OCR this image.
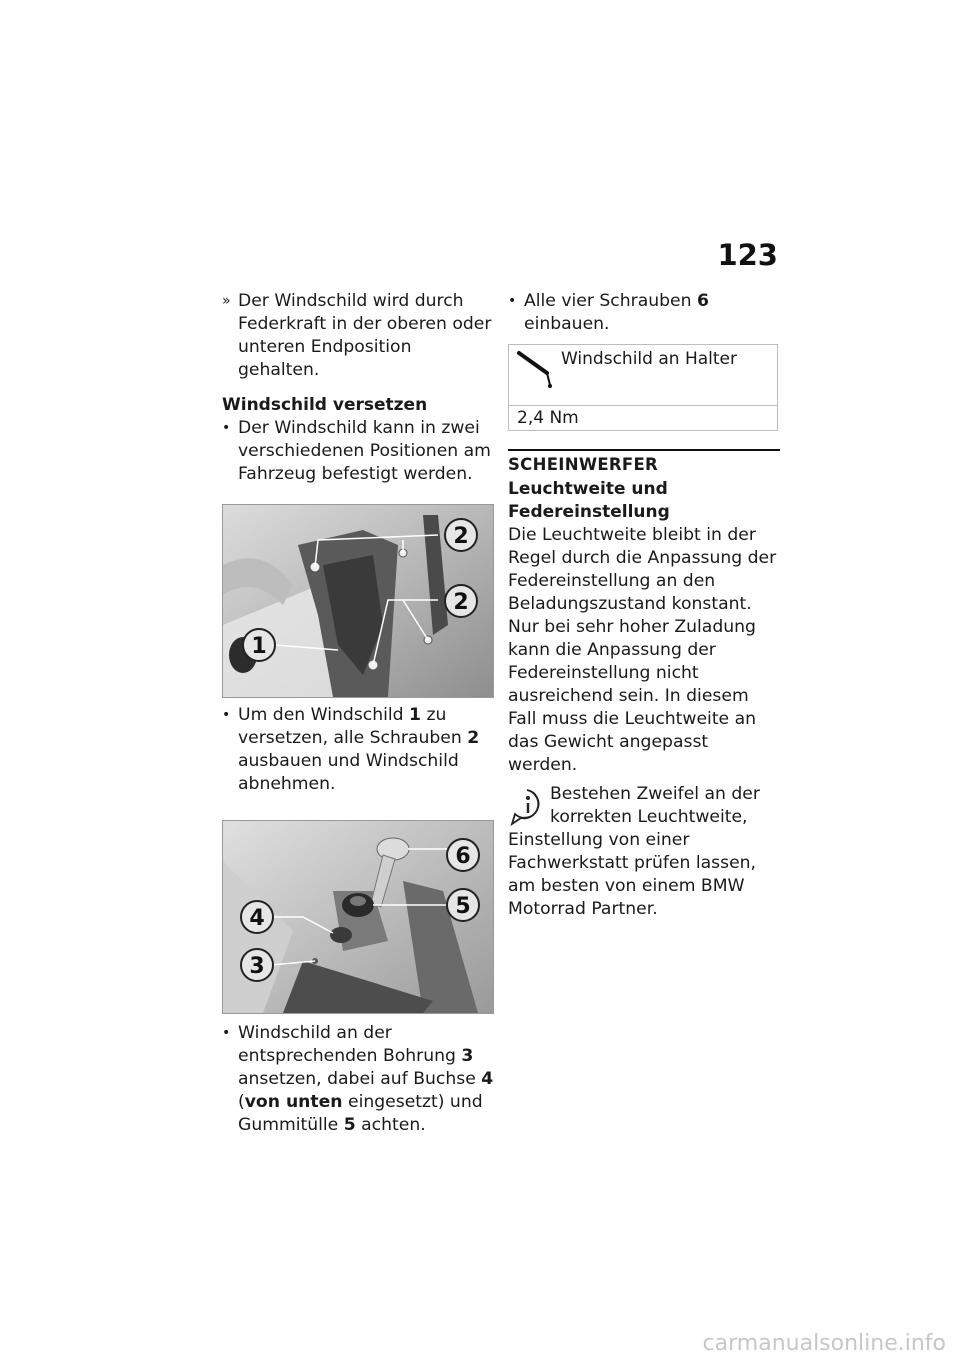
123

» Der Windschild wird durch Federkraft in der oberen oder unteren Endposition gehalten.

Windschild versetzen

• Der Windschild kann in zwei verschiedenen Positionen am Fahrzeug befestigt werden.

2
2
1

• Um den Windschild 1 zu versetzen, alle Schrauben 2 ausbauen und Windschild abnehmen.

6
5
4
3

• Windschild an der entsprechenden Bohrung 3 ansetzen, dabei auf Buchse 4 (von unten eingesetzt) und Gummitülle 5 achten.

• Alle vier Schrauben 6 einbauen.

Windschild an Halter
2,4 Nm

SCHEINWERFER

Leuchtweite und Federeinstellung

Die Leuchtweite bleibt in der Regel durch die Anpassung der Federeinstellung an den Beladungszustand konstant.

Nur bei sehr hoher Zuladung kann die Anpassung der Federeinstellung nicht ausreichend sein. In diesem Fall muss die Leuchtweite an das Gewicht angepasst werden.

Bestehen Zweifel an der

korrekten Leuchtweite,

Einstellung von einer Fachwerkstatt prüfen lassen, am besten von einem BMW Motorrad Partner.

carmanualsonline.info
